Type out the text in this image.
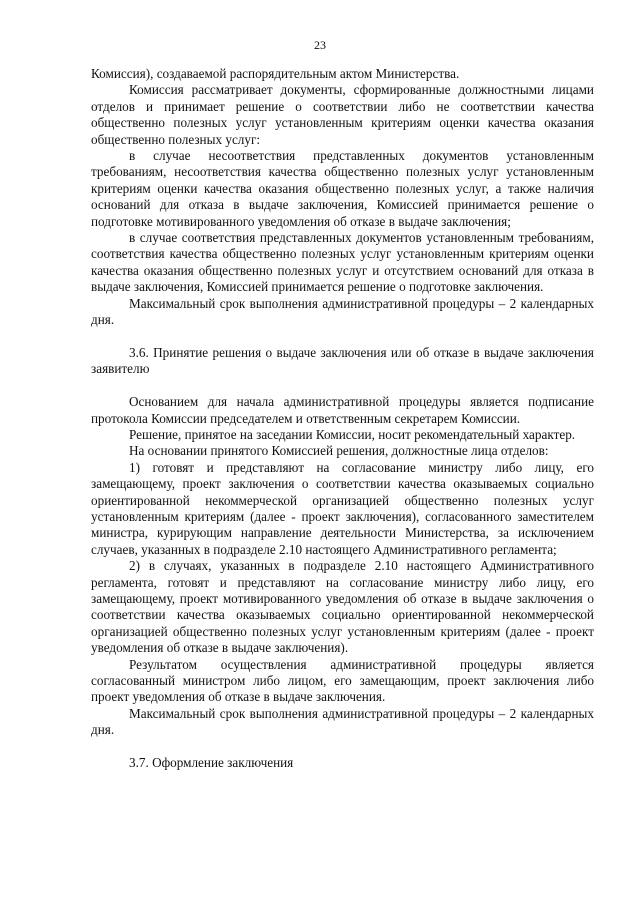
23

Комиссия), создаваемой распорядительным актом Министерства.

Комиссия рассматривает документы, сформированные должностными лицами отделов и принимает решение о соответствии либо не соответствии качества общественно полезных услуг установленным критериям оценки качества оказания общественно полезных услуг:

в случае несоответствия представленных документов установленным требованиям, несоответствия качества общественно полезных услуг установленным критериям оценки качества оказания общественно полезных услуг, а также наличия оснований для отказа в выдаче заключения, Комиссией принимается решение о подготовке мотивированного уведомления об отказе в выдаче заключения;

в случае соответствия представленных документов установленным требованиям, соответствия качества общественно полезных услуг установленным критериям оценки качества оказания общественно полезных услуг и отсутствием оснований для отказа в выдаче заключения, Комиссией принимается решение о подготовке заключения.

Максимальный срок выполнения административной процедуры – 2 календарных дня.

3.6. Принятие решения о выдаче заключения или об отказе в выдаче заключения заявителю

Основанием для начала административной процедуры является подписание протокола Комиссии председателем и ответственным секретарем Комиссии.

Решение, принятое на заседании Комиссии, носит рекомендательный характер.

На основании принятого Комиссией решения, должностные лица отделов:

1) готовят и представляют на согласование министру либо лицу, его замещающему, проект заключения о соответствии качества оказываемых социально ориентированной некоммерческой организацией общественно полезных услуг установленным критериям (далее - проект заключения), согласованного заместителем министра, курирующим направление деятельности Министерства, за исключением случаев, указанных в подразделе 2.10 настоящего Административного регламента;

2) в случаях, указанных в подразделе 2.10 настоящего Административного регламента, готовят и представляют на согласование министру либо лицу, его замещающему, проект мотивированного уведомления об отказе в выдаче заключения о соответствии качества оказываемых социально ориентированной некоммерческой организацией общественно полезных услуг установленным критериям (далее - проект уведомления об отказе в выдаче заключения).

Результатом осуществления административной процедуры является согласованный министром либо лицом, его замещающим, проект заключения либо проект уведомления об отказе в выдаче заключения.

Максимальный срок выполнения административной процедуры – 2 календарных дня.

3.7. Оформление заключения
